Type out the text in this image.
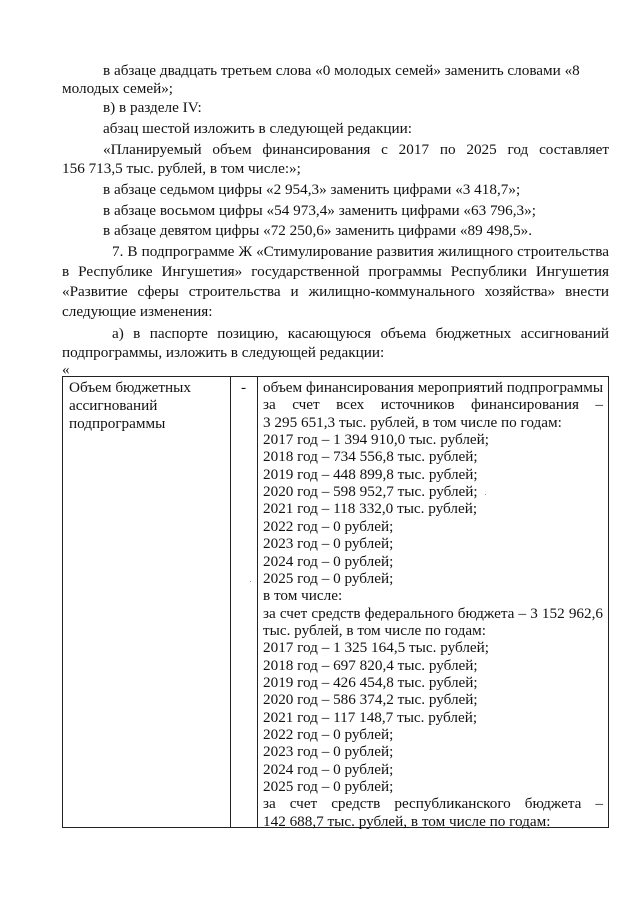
в абзаце двадцать третьем слова «0 молодых семей» заменить словами «8
молодых семей»;
в) в разделе IV:
абзац шестой изложить в следующей редакции:
«Планируемый объем финансирования с 2017 по 2025 год составляет
156 713,5 тыс. рублей, в том числе:»;
в абзаце седьмом цифры «2 954,3» заменить цифрами «3 418,7»;
в абзаце восьмом цифры «54 973,4» заменить цифрами «63 796,3»;
в абзаце девятом цифры «72 250,6» заменить цифрами «89 498,5».
7. В подпрограмме Ж «Стимулирование развития жилищного строительства
в Республике Ингушетия» государственной программы Республики Ингушетия
«Развитие сферы строительства и жилищно-коммунального хозяйства» внести
следующие изменения:
а) в паспорте позицию, касающуюся объема бюджетных ассигнований
подпрограммы, изложить в следующей редакции:
«
Объем бюджетных
ассигнований
подпрограммы
- объем финансирования мероприятий подпрограммы
за счет всех источников финансирования –
3 295 651,3 тыс. рублей, в том числе по годам:
2017 год – 1 394 910,0 тыс. рублей;
2018 год – 734 556,8 тыс. рублей;
2019 год – 448 899,8 тыс. рублей;
2020 год – 598 952,7 тыс. рублей;
2021 год – 118 332,0 тыс. рублей;
2022 год – 0 рублей;
2023 год – 0 рублей;
2024 год – 0 рублей;
2025 год – 0 рублей;
в том числе:
за счет средств федерального бюджета – 3 152 962,6
тыс. рублей, в том числе по годам:
2017 год – 1 325 164,5 тыс. рублей;
2018 год – 697 820,4 тыс. рублей;
2019 год – 426 454,8 тыс. рублей;
2020 год – 586 374,2 тыс. рублей;
2021 год – 117 148,7 тыс. рублей;
2022 год – 0 рублей;
2023 год – 0 рублей;
2024 год – 0 рублей;
2025 год – 0 рублей;
за счет средств республиканского бюджета –
142 688,7 тыс. рублей, в том числе по годам:
